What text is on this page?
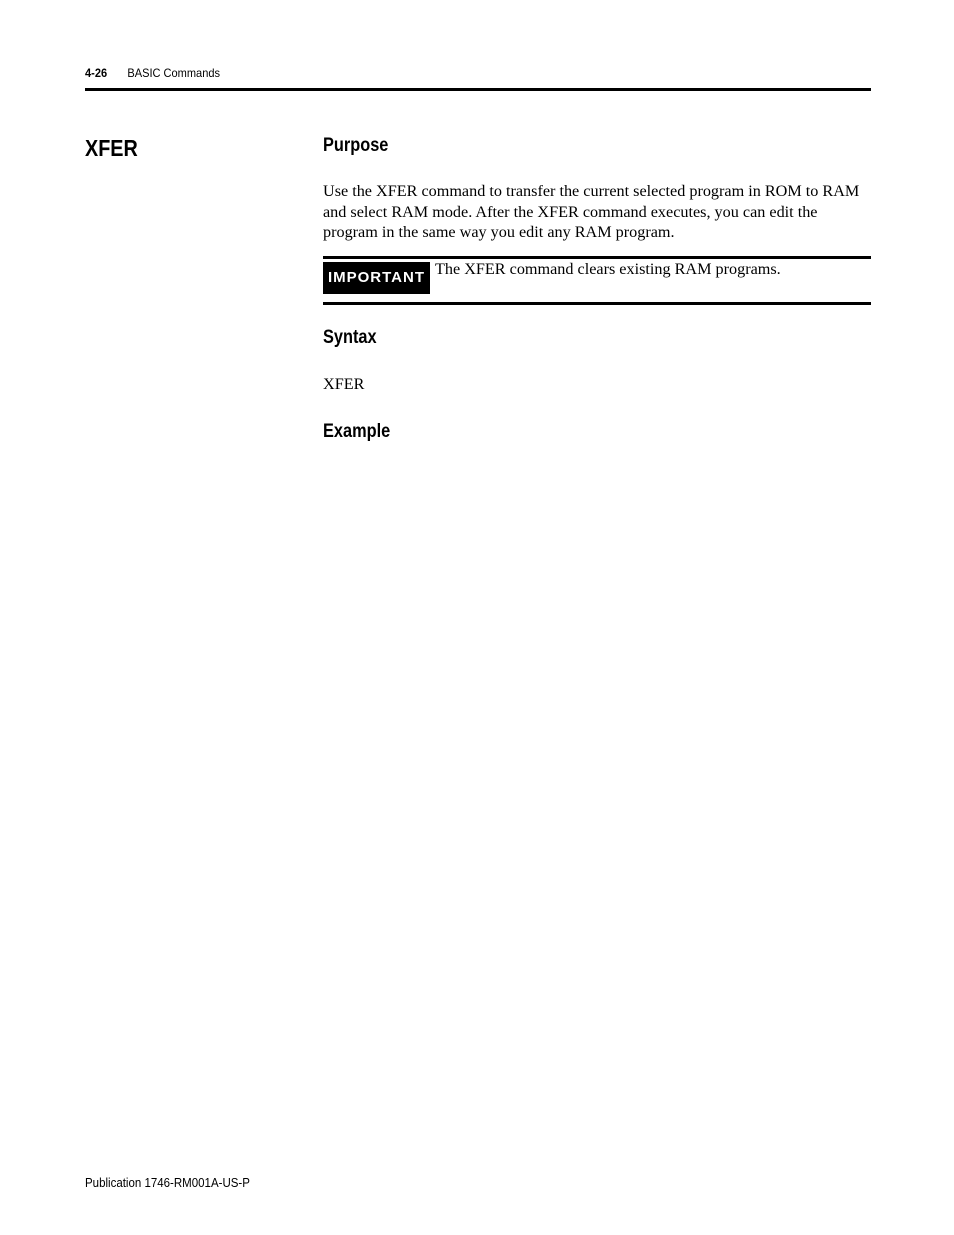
4-26 BASIC Commands
XFER	Purpose
Use the XFER command to transfer the current selected program in ROM to RAM and select RAM mode. After the XFER command executes, you can edit the program in the same way you edit any RAM program.
IMPORTANT The XFER command clears existing RAM programs.
Syntax
XFER
Example
Publication 1746-RM001A-US-P
